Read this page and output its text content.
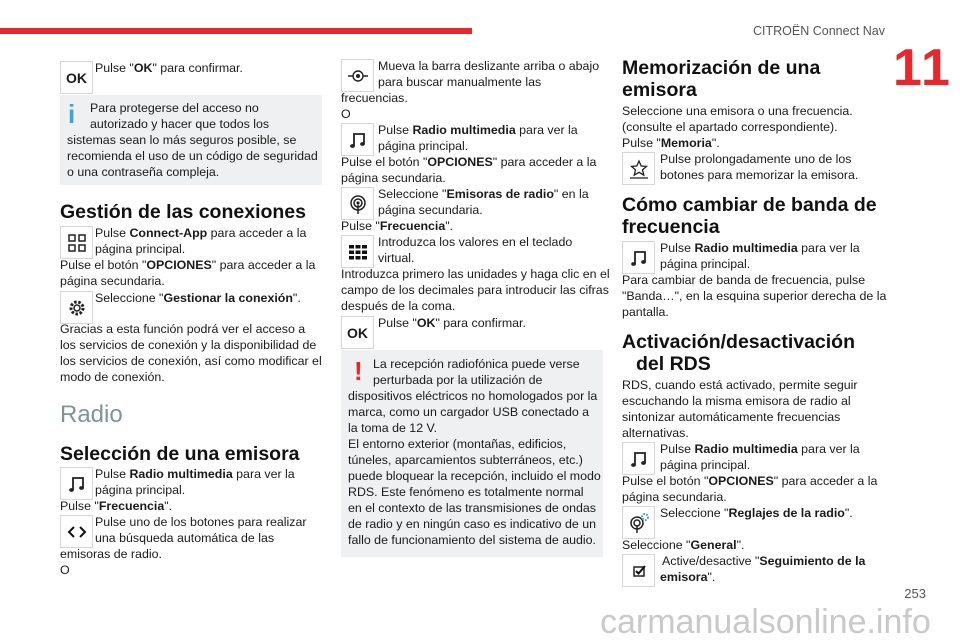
CITROËN Connect Nav
11
OK
Pulse "OK" para confirmar.
i Para protegerse del acceso no
autorizado y hacer que todos los
sistemas sean lo más seguros posible, se
recomienda el uso de un código de seguridad
o una contraseña compleja.
Gestión de las conexiones
Pulse Connect-App para acceder a la
página principal.
Pulse el botón "OPCIONES" para acceder a la
página secundaria.
Seleccione "Gestionar la conexión".
Gracias a esta función podrá ver el acceso a
los servicios de conexión y la disponibilidad de
los servicios de conexión, así como modificar el
modo de conexión.
Radio
Selección de una emisora
Pulse Radio multimedia para ver la
página principal.
Pulse "Frecuencia".
Pulse uno de los botones para realizar
una búsqueda automática de las
emisoras de radio.
O
Mueva la barra deslizante arriba o abajo
para buscar manualmente las
frecuencias.
O
Pulse Radio multimedia para ver la
página principal.
Pulse el botón "OPCIONES" para acceder a la
página secundaria.
Seleccione "Emisoras de radio" en la
página secundaria.
Pulse "Frecuencia".
Introduzca los valores en el teclado
virtual.
Introduzca primero las unidades y haga clic en el
campo de los decimales para introducir las cifras
después de la coma.
OK
Pulse "OK" para confirmar.
! La recepción radiofónica puede verse
perturbada por la utilización de
dispositivos eléctricos no homologados por la
marca, como un cargador USB conectado a
la toma de 12 V.
El entorno exterior (montañas, edificios,
túneles, aparcamientos subterráneos, etc.)
puede bloquear la recepción, incluido el modo
RDS. Este fenómeno es totalmente normal
en el contexto de las transmisiones de ondas
de radio y en ningún caso es indicativo de un
fallo de funcionamiento del sistema de audio.
Memorización de una
emisora
Seleccione una emisora o una frecuencia.
(consulte el apartado correspondiente).
Pulse "Memoria".
Pulse prolongadamente uno de los
botones para memorizar la emisora.
Cómo cambiar de banda de
frecuencia
Pulse Radio multimedia para ver la
página principal.
Para cambiar de banda de frecuencia, pulse
"Banda…", en la esquina superior derecha de la
pantalla.
Activación/desactivación
del RDS
RDS, cuando está activado, permite seguir
escuchando la misma emisora de radio al
sintonizar automáticamente frecuencias
alternativas.
Pulse Radio multimedia para ver la
página principal.
Pulse el botón "OPCIONES" para acceder a la
página secundaria.
Seleccione "Reglajes de la radio".
Seleccione "General".
Active/desactive "Seguimiento de la
emisora".
253
carmanualsonline.info
